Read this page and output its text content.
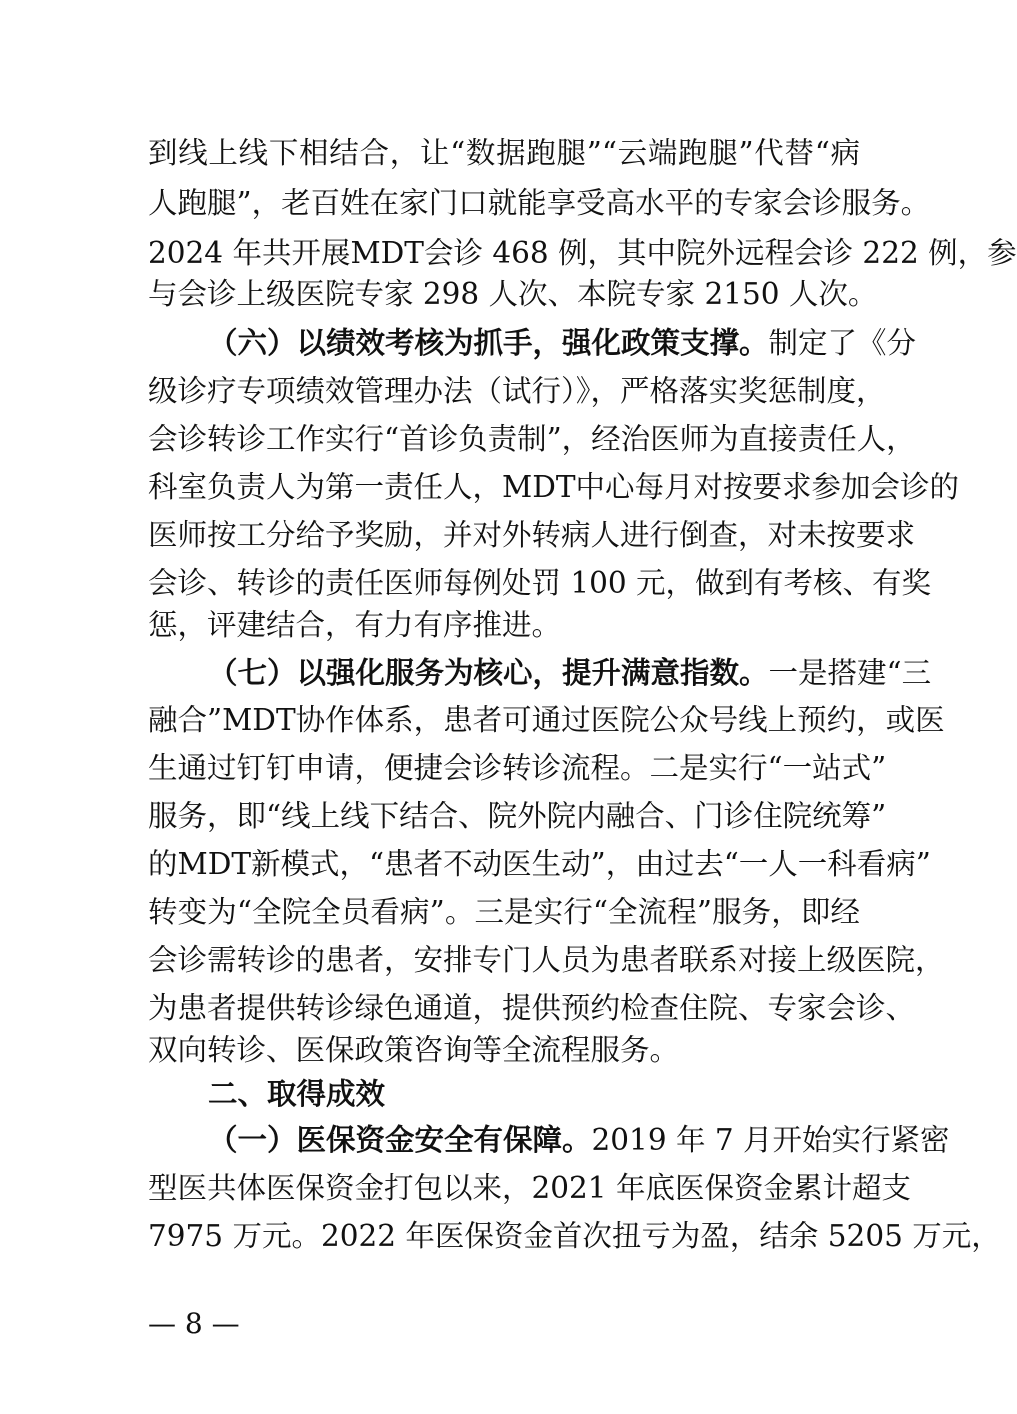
到线上线下相结合，让“数据跑腿”“云端跑腿”代替“病
人跑腿”，老百姓在家门口就能享受高水平的专家会诊服务。
2024 年共开展MDT会诊 468 例，其中院外远程会诊 222 例，参
与会诊上级医院专家 298 人次、本院专家 2150 人次。
（六）以绩效考核为抓手，强化政策支撑。制定了《分
级诊疗专项绩效管理办法（试行）》，严格落实奖惩制度，
会诊转诊工作实行“首诊负责制”，经治医师为直接责任人，
科室负责人为第一责任人，MDT中心每月对按要求参加会诊的
医师按工分给予奖励，并对外转病人进行倒查，对未按要求
会诊、转诊的责任医师每例处罚 100 元，做到有考核、有奖
惩，评建结合，有力有序推进。
（七）以强化服务为核心，提升满意指数。一是搭建“三
融合”MDT协作体系，患者可通过医院公众号线上预约，或医
生通过钉钉申请，便捷会诊转诊流程。二是实行“一站式”
服务，即“线上线下结合、院外院内融合、门诊住院统筹”
的MDT新模式，“患者不动医生动”，由过去“一人一科看病”
转变为“全院全员看病”。三是实行“全流程”服务，即经
会诊需转诊的患者，安排专门人员为患者联系对接上级医院，
为患者提供转诊绿色通道，提供预约检查住院、专家会诊、
双向转诊、医保政策咨询等全流程服务。
二、取得成效
（一）医保资金安全有保障。2019 年 7 月开始实行紧密
型医共体医保资金打包以来，2021 年底医保资金累计超支
7975 万元。2022 年医保资金首次扭亏为盈，结余 5205 万元，
— 8 —
